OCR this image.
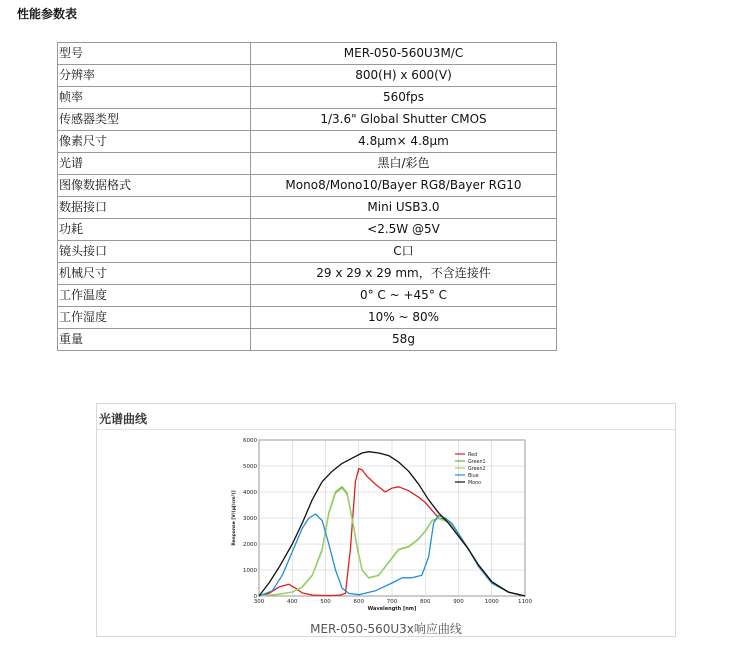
性能参数表
型号	MER-050-560U3M/C
分辨率	800(H) x 600(V)
帧率	560fps
传感器类型	1/3.6" Global Shutter CMOS
像素尺寸	4.8μm× 4.8μm
光谱	黑白/彩色
图像数据格式	Mono8/Mono10/Bayer RG8/Bayer RG10
数据接口	Mini USB3.0
功耗	<2.5W @5V
镜头接口	C口
机械尺寸	29 x 29 x 29 mm，不含连接件
工作温度	0° C ~ +45° C
工作湿度	10% ~ 80%
重量	58g
光谱曲线
300	400	500	600	700	800	900	1000	1100
0
1000
2000
3000
4000
5000
6000
Wavelength [nm]
Response [V/(μJ/cm²)]
Red
Green1
Green2
Blue
Mono
MER-050-560U3x响应曲线
